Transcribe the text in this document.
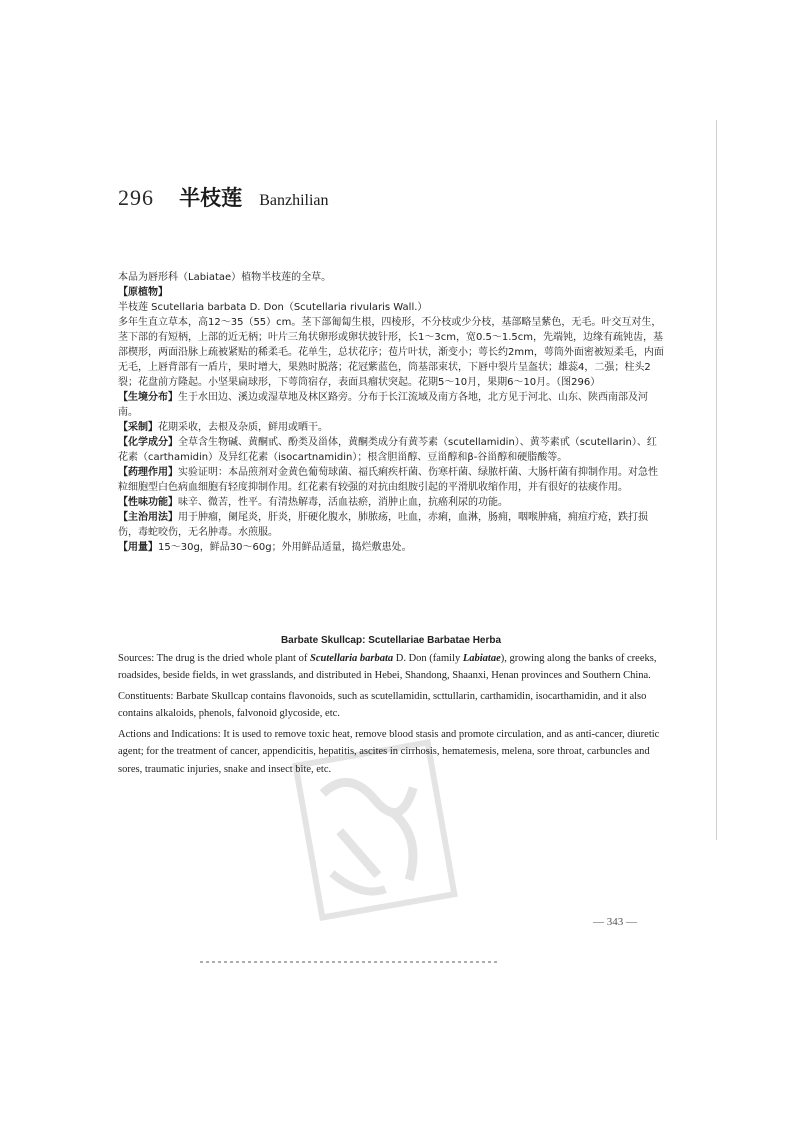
296 半枝莲 Banzhilian

本品为唇形科（Labiatae）植物半枝莲的全草。

【原植物】

半枝莲 Scutellaria barbata D. Don（Scutellaria rivularis Wall.）

多年生直立草本，高12～35（55）cm。茎下部匍匐生根，四棱形，不分枝或少分枝，基部略呈紫色，无毛。叶交互对生，茎下部的有短柄，上部的近无柄；叶片三角状卵形或卵状披针形，长1～3cm，宽0.5～1.5cm，先端钝，边缘有疏钝齿，基部楔形，两面沿脉上疏被紧贴的稀柔毛。花单生，总状花序；苞片叶状，渐变小；萼长约2mm，萼筒外面密被短柔毛，内面无毛，上唇背部有一盾片，果时增大，果熟时脱落；花冠紫蓝色，筒基部束状，下唇中裂片呈盔状；雄蕊4，二强；柱头2裂；花盘前方隆起。小坚果扁球形，下萼筒宿存，表面具瘤状突起。花期5～10月，果期6～10月。（图296）

【生境分布】生于水田边、溪边或湿草地及林区路旁。分布于长江流域及南方各地，北方见于河北、山东、陕西南部及河南。

【采制】花期采收，去根及杂质，鲜用或晒干。

【化学成分】全草含生物碱、黄酮甙、酚类及甾体，黄酮类成分有黄芩素（scutellamidin）、黄芩素甙（scutellarin）、红花素（carthamidin）及异红花素（isocartnamidin）；根含胆甾醇、豆甾醇和β-谷甾醇和硬脂酸等。

【药理作用】实验证明：本品煎剂对金黄色葡萄球菌、福氏痢疾杆菌、伤寒杆菌、绿脓杆菌、大肠杆菌有抑制作用。对急性粒细胞型白色病血细胞有轻度抑制作用。红花素有较强的对抗由组胺引起的平滑肌收缩作用，并有很好的祛痰作用。

【性味功能】味辛、微苦，性平。有清热解毒，活血祛瘀，消肿止血，抗癌利尿的功能。

【主治用法】用于肿瘤，阑尾炎，肝炎，肝硬化腹水，肺脓疡，吐血，赤痢，血淋，肠痈，咽喉肿痛，痈疽疔疮，跌打损伤，毒蛇咬伤，无名肿毒。水煎服。

【用量】15～30g，鲜品30～60g；外用鲜品适量，捣烂敷患处。

Barbate Skullcap: Scutellariae Barbatae Herba

Sources: The drug is the dried whole plant of Scutellaria barbata D. Don (family Labiatae), growing along the banks of creeks, roadsides, beside fields, in wet grasslands, and distributed in Hebei, Shandong, Shaanxi, Henan provinces and Southern China.

Constituents: Barbate Skullcap contains flavonoids, such as scutellamidin, scttullarin, carthamidin, isocarthamidin, and it also contains alkaloids, phenols, falvonoid glycoside, etc.

Actions and Indications: It is used to remove toxic heat, remove blood stasis and promote circulation, and as anti-cancer, diuretic agent; for the treatment of cancer, appendicitis, hepatitis, ascites in cirrhosis, hematemesis, melena, sore throat, carbuncles and sores, traumatic injuries, snake and insect bite, etc.

— 343 —
